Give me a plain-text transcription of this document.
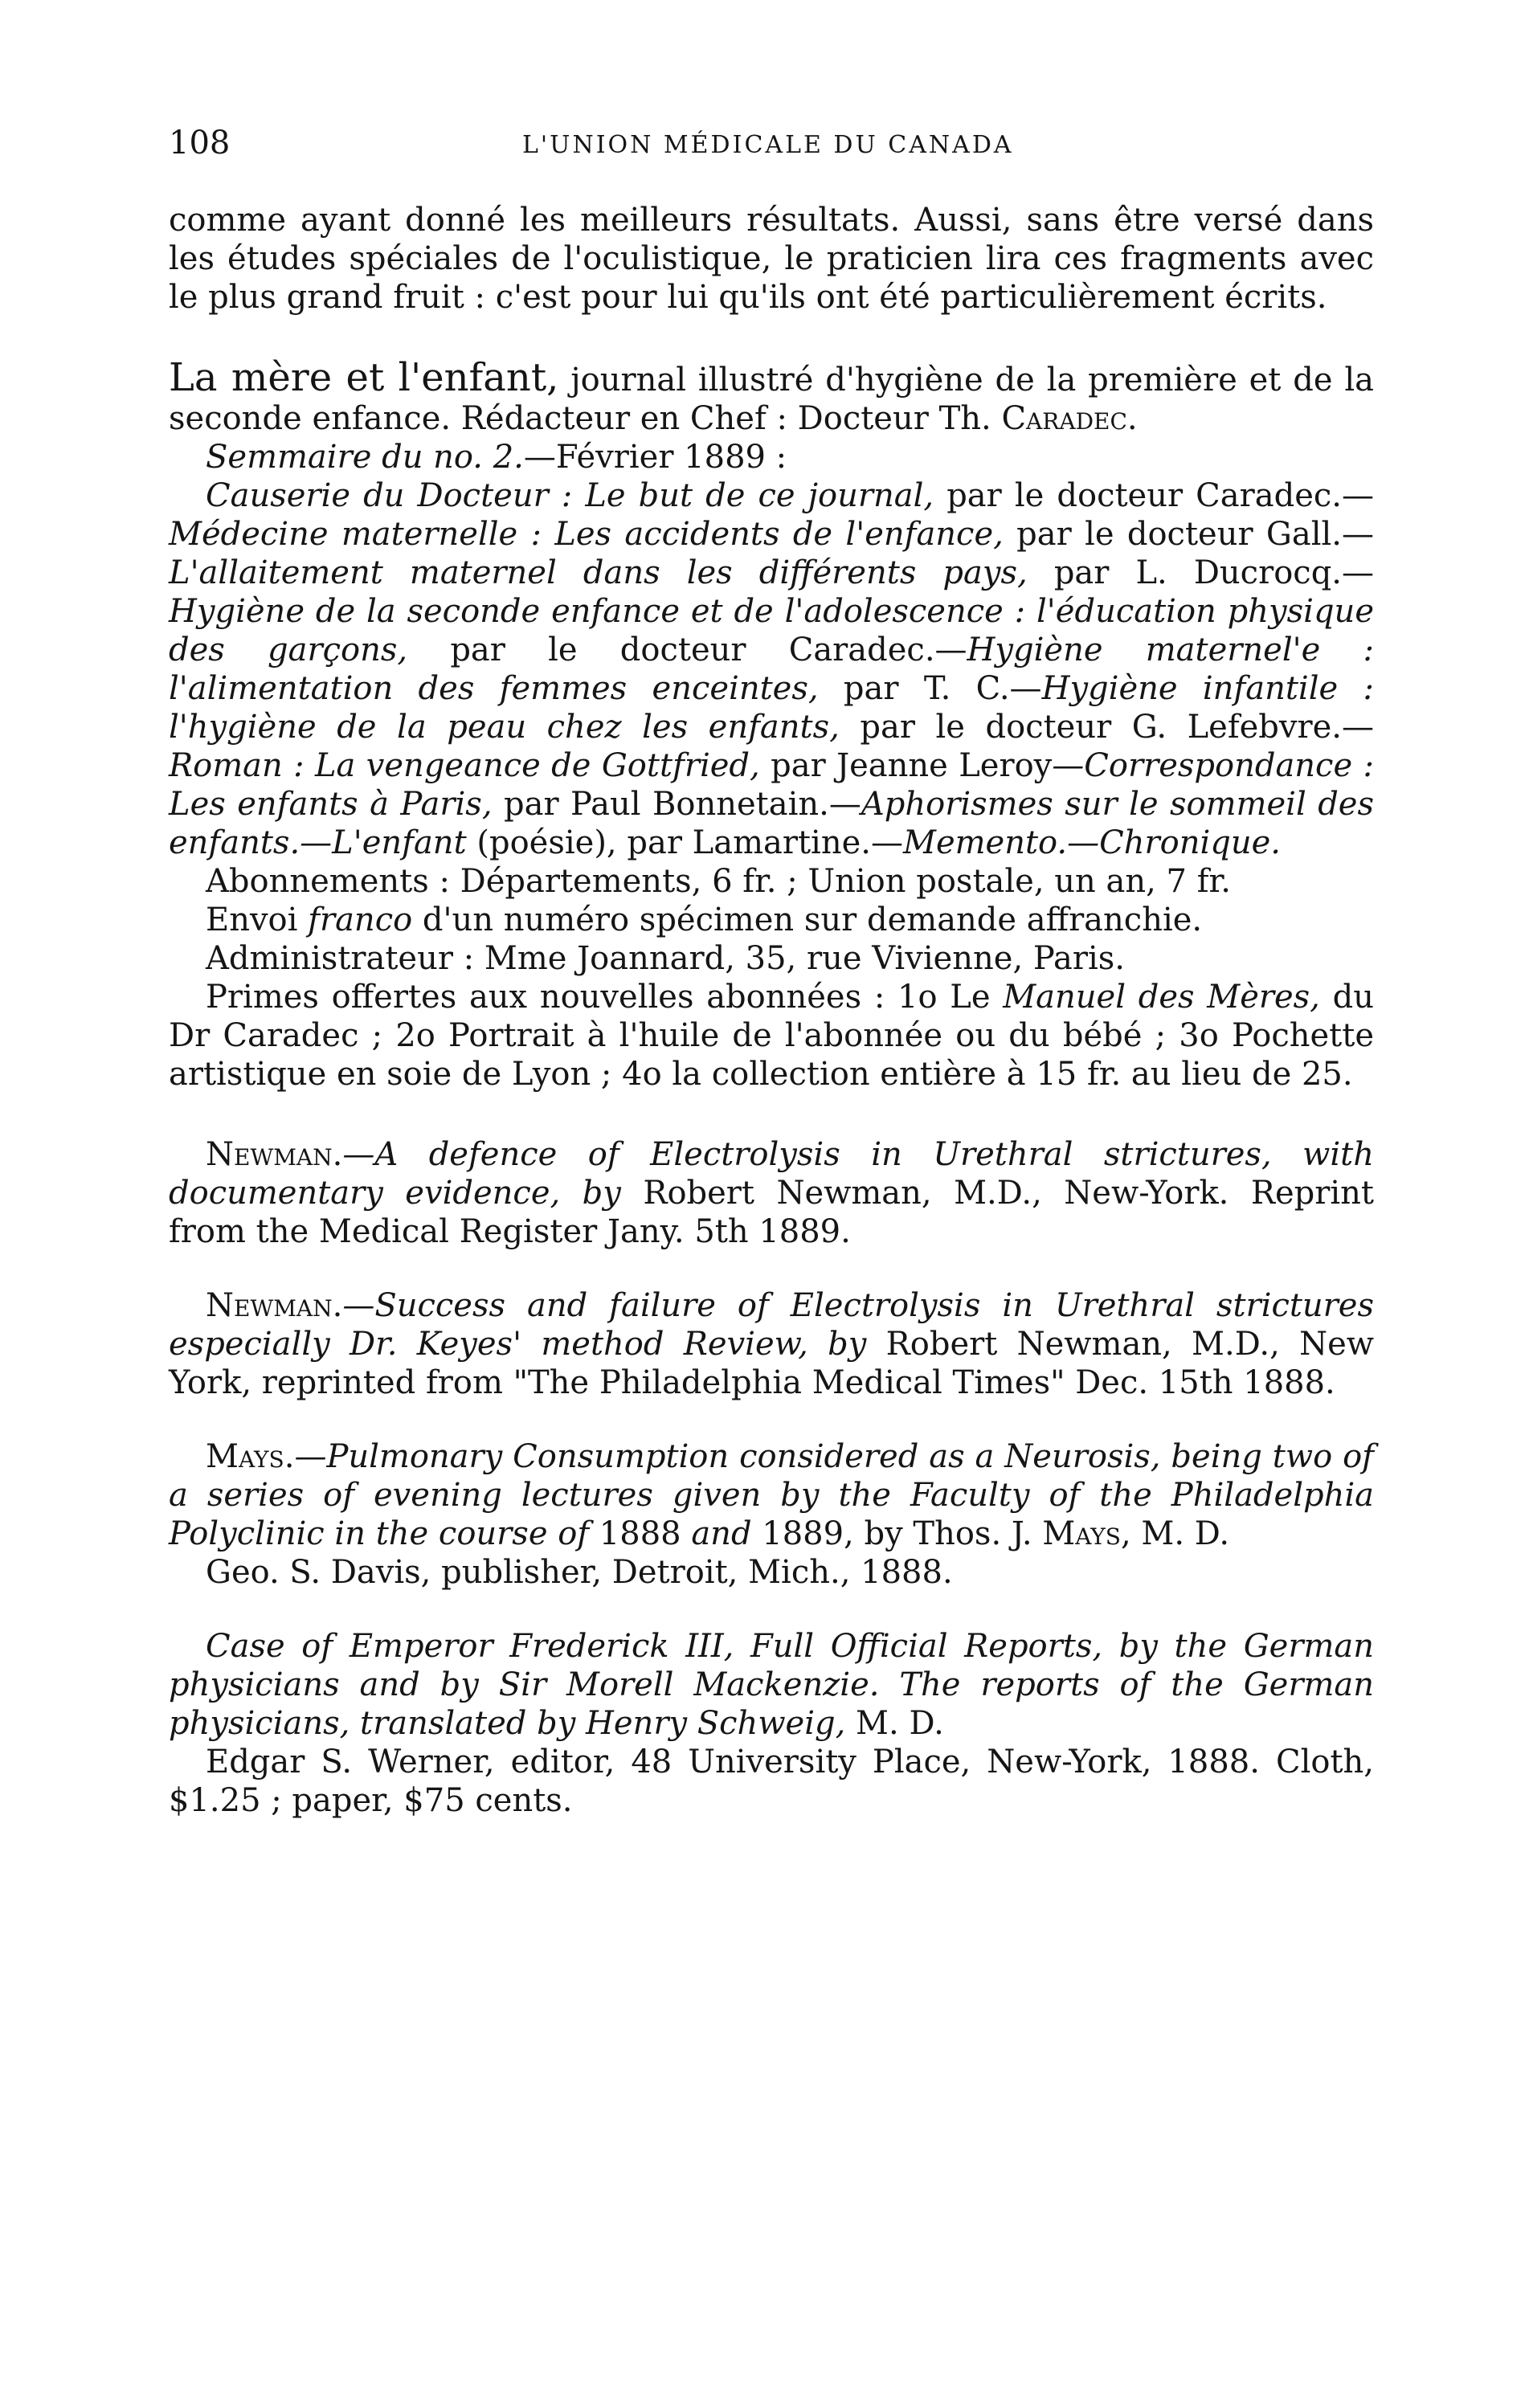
108	L'UNION MÉDICALE DU CANADA

comme ayant donné les meilleurs résultats. Aussi, sans être versé dans les études spéciales de l'oculistique, le praticien lira ces fragments avec le plus grand fruit : c'est pour lui qu'ils ont été particulièrement écrits.

La mère et l'enfant, journal illustré d'hygiène de la première et de la seconde enfance. Rédacteur en Chef : Docteur Th. Caradec.

Semmaire du no. 2.—Février 1889 :

Causerie du Docteur : Le but de ce journal, par le docteur Caradec.—Médecine maternelle : Les accidents de l'enfance, par le docteur Gall.—L'allaitement maternel dans les différents pays, par L. Ducrocq.—Hygiène de la seconde enfance et de l'adolescence : l'éducation physique des garçons, par le docteur Caradec.—Hygiène maternel'e : l'alimentation des femmes enceintes, par T. C.—Hygiène infantile : l'hygiène de la peau chez les enfants, par le docteur G. Lefebvre.—Roman : La vengeance de Gottfried, par Jeanne Leroy—Correspondance : Les enfants à Paris, par Paul Bonnetain.—Aphorismes sur le sommeil des enfants.—L'enfant (poésie), par Lamartine.—Memento.—Chronique.

Abonnements : Départements, 6 fr. ; Union postale, un an, 7 fr.

Envoi franco d'un numéro spécimen sur demande affranchie.

Administrateur : Mme Joannard, 35, rue Vivienne, Paris.

Primes offertes aux nouvelles abonnées : 1o Le Manuel des Mères, du Dr Caradec ; 2o Portrait à l'huile de l'abonnée ou du bébé ; 3o Pochette artistique en soie de Lyon ; 4o la collection entière à 15 fr. au lieu de 25.

Newman.—A defence of Electrolysis in Urethral strictures, with documentary evidence, by Robert Newman, M.D., New-York. Reprint from the Medical Register Jany. 5th 1889.

Newman.—Success and failure of Electrolysis in Urethral strictures especially Dr. Keyes' method Review, by Robert Newman, M.D., New York, reprinted from "The Philadelphia Medical Times" Dec. 15th 1888.

Mays.—Pulmonary Consumption considered as a Neurosis, being two of a series of evening lectures given by the Faculty of the Philadelphia Polyclinic in the course of 1888 and 1889, by Thos. J. Mays, M. D.

Geo. S. Davis, publisher, Detroit, Mich., 1888.

Case of Emperor Frederick III, Full Official Reports, by the German physicians and by Sir Morell Mackenzie. The reports of the German physicians, translated by Henry Schweig, M. D.

Edgar S. Werner, editor, 48 University Place, New-York, 1888. Cloth, $1.25 ; paper, $75 cents.
